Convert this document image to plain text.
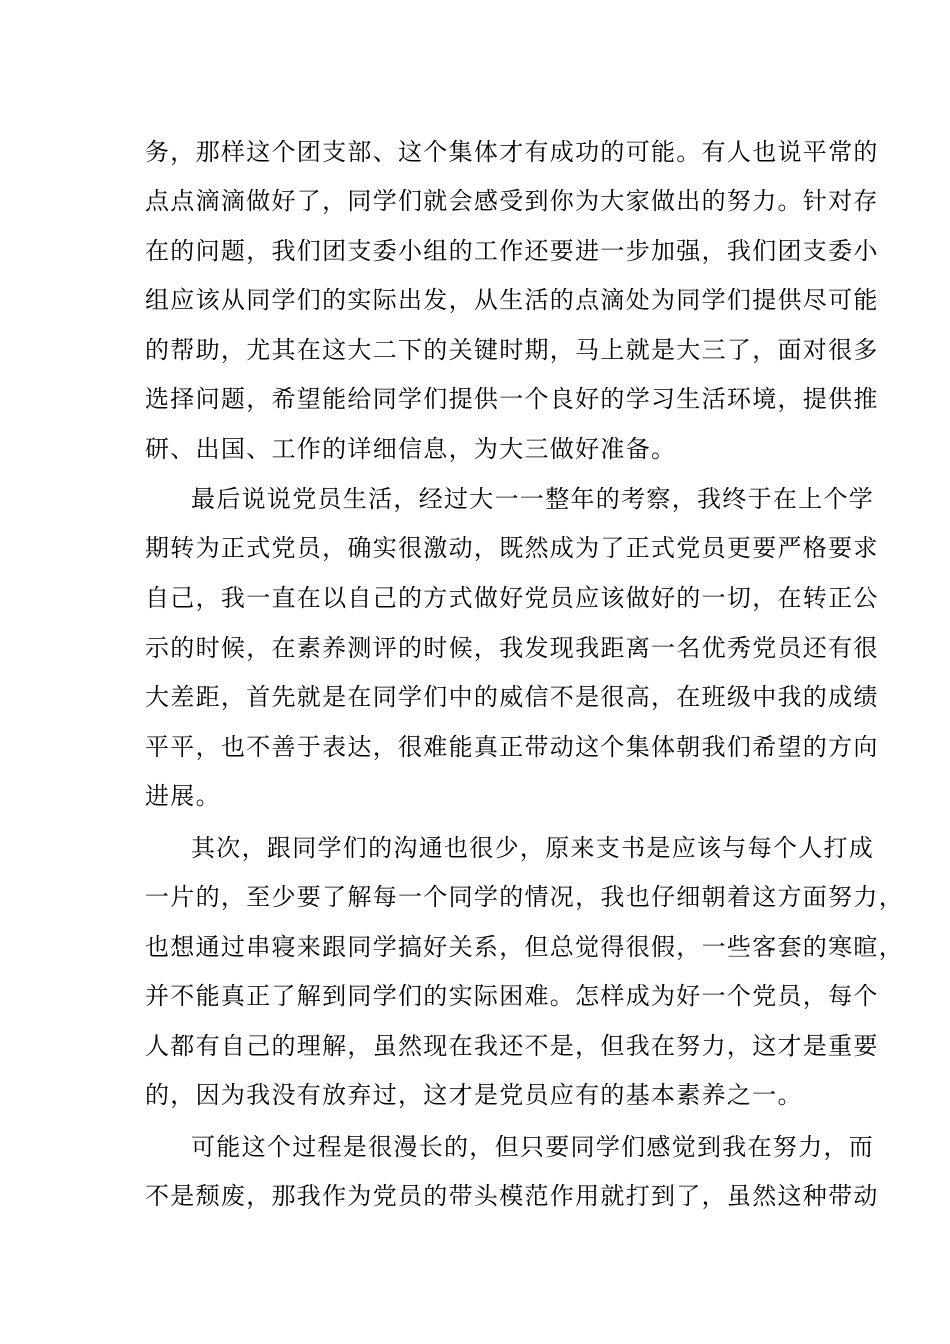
务，那样这个团支部、这个集体才有成功的可能。有人也说平常的
点点滴滴做好了，同学们就会感受到你为大家做出的努力。针对存
在的问题，我们团支委小组的工作还要进一步加强，我们团支委小
组应该从同学们的实际出发，从生活的点滴处为同学们提供尽可能
的帮助，尤其在这大二下的关键时期，马上就是大三了，面对很多
选择问题，希望能给同学们提供一个良好的学习生活环境，提供推
研、出国、工作的详细信息，为大三做好准备。
最后说说党员生活，经过大一一整年的考察，我终于在上个学
期转为正式党员，确实很激动，既然成为了正式党员更要严格要求
自己，我一直在以自己的方式做好党员应该做好的一切，在转正公
示的时候，在素养测评的时候，我发现我距离一名优秀党员还有很
大差距，首先就是在同学们中的威信不是很高，在班级中我的成绩
平平，也不善于表达，很难能真正带动这个集体朝我们希望的方向
进展。
其次，跟同学们的沟通也很少，原来支书是应该与每个人打成
一片的，至少要了解每一个同学的情况，我也仔细朝着这方面努力，
也想通过串寝来跟同学搞好关系，但总觉得很假，一些客套的寒暄，
并不能真正了解到同学们的实际困难。怎样成为好一个党员，每个
人都有自己的理解，虽然现在我还不是，但我在努力，这才是重要
的，因为我没有放弃过，这才是党员应有的基本素养之一。
可能这个过程是很漫长的，但只要同学们感觉到我在努力，而
不是颓废，那我作为党员的带头模范作用就打到了，虽然这种带动
